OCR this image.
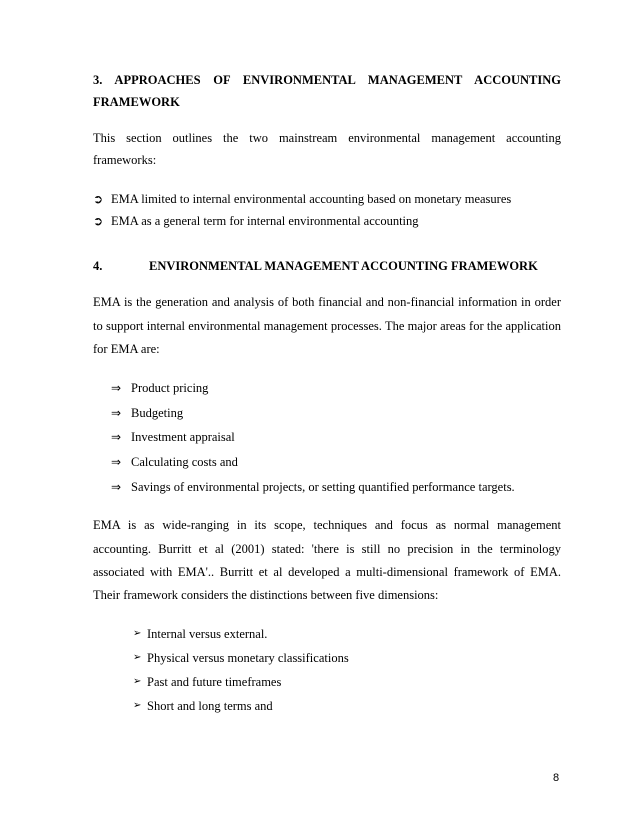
3. APPROACHES OF ENVIRONMENTAL MANAGEMENT ACCOUNTING
FRAMEWORK
This section outlines the two mainstream environmental management accounting
frameworks:
➲ EMA limited to internal environmental accounting based on monetary measures
➲ EMA as a general term for internal environmental accounting
4.	ENVIRONMENTAL MANAGEMENT ACCOUNTING FRAMEWORK
EMA is the generation and analysis of both financial and non-financial information in order
to support internal environmental management processes. The major areas for the application
for EMA are:
⇒ Product pricing
⇒ Budgeting
⇒ Investment appraisal
⇒ Calculating costs and
⇒ Savings of environmental projects, or setting quantified performance targets.
EMA is as wide-ranging in its scope, techniques and focus as normal management
accounting. Burritt et al (2001) stated: 'there is still no precision in the terminology
associated with EMA'.. Burritt et al developed a multi-dimensional framework of EMA.
Their framework considers the distinctions between five dimensions:
➢ Internal versus external.
➢ Physical versus monetary classifications
➢ Past and future timeframes
➢ Short and long terms and
8
